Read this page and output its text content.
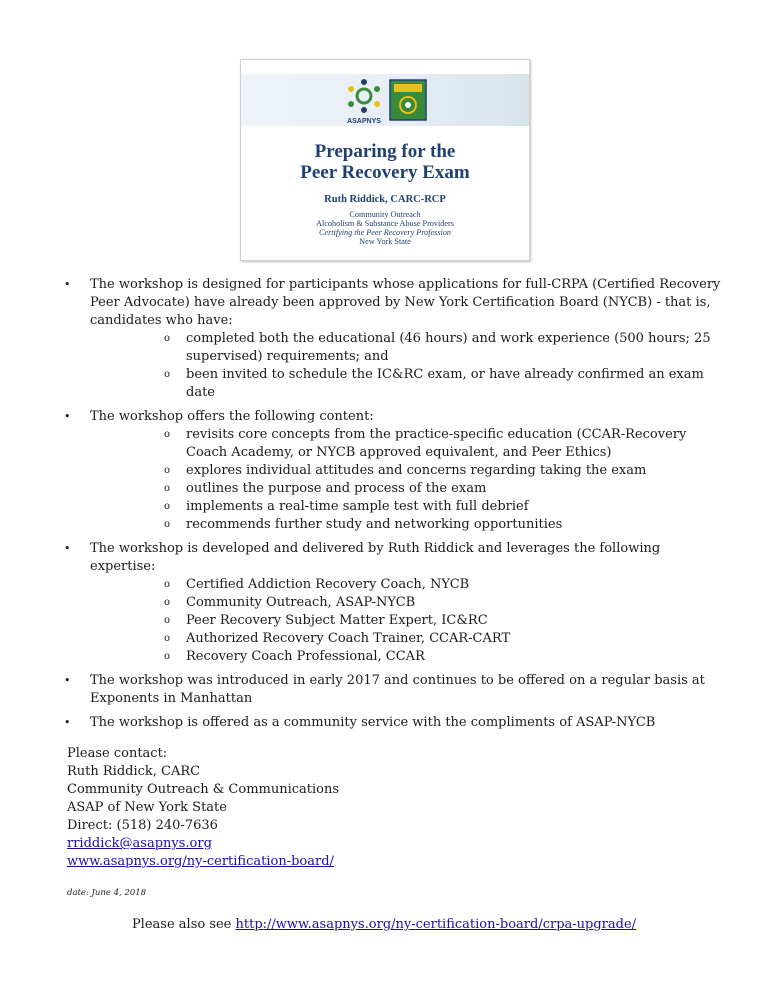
ASAPNYS
Preparing for the
Peer Recovery Exam
Ruth Riddick, CARC-RCP
Community Outreach
Alcoholism & Substance Abuse Providers
Certifying the Peer Recovery Profession
New York State
• The workshop is designed for participants whose applications for full-CRPA (Certified Recovery Peer Advocate) have already been approved by New York Certification Board (NYCB) - that is, candidates who have:
o completed both the educational (46 hours) and work experience (500 hours; 25 supervised) requirements; and
o been invited to schedule the IC&RC exam, or have already confirmed an exam date
• The workshop offers the following content:
o revisits core concepts from the practice-specific education (CCAR-Recovery Coach Academy, or NYCB approved equivalent, and Peer Ethics)
o explores individual attitudes and concerns regarding taking the exam
o outlines the purpose and process of the exam
o implements a real-time sample test with full debrief
o recommends further study and networking opportunities
• The workshop is developed and delivered by Ruth Riddick and leverages the following expertise:
o Certified Addiction Recovery Coach, NYCB
o Community Outreach, ASAP-NYCB
o Peer Recovery Subject Matter Expert, IC&RC
o Authorized Recovery Coach Trainer, CCAR-CART
o Recovery Coach Professional, CCAR
• The workshop was introduced in early 2017 and continues to be offered on a regular basis at Exponents in Manhattan
• The workshop is offered as a community service with the compliments of ASAP-NYCB
Please contact:
Ruth Riddick, CARC
Community Outreach & Communications
ASAP of New York State
Direct: (518) 240-7636
rriddick@asapnys.org
www.asapnys.org/ny-certification-board/
date: June 4, 2018
Please also see http://www.asapnys.org/ny-certification-board/crpa-upgrade/
